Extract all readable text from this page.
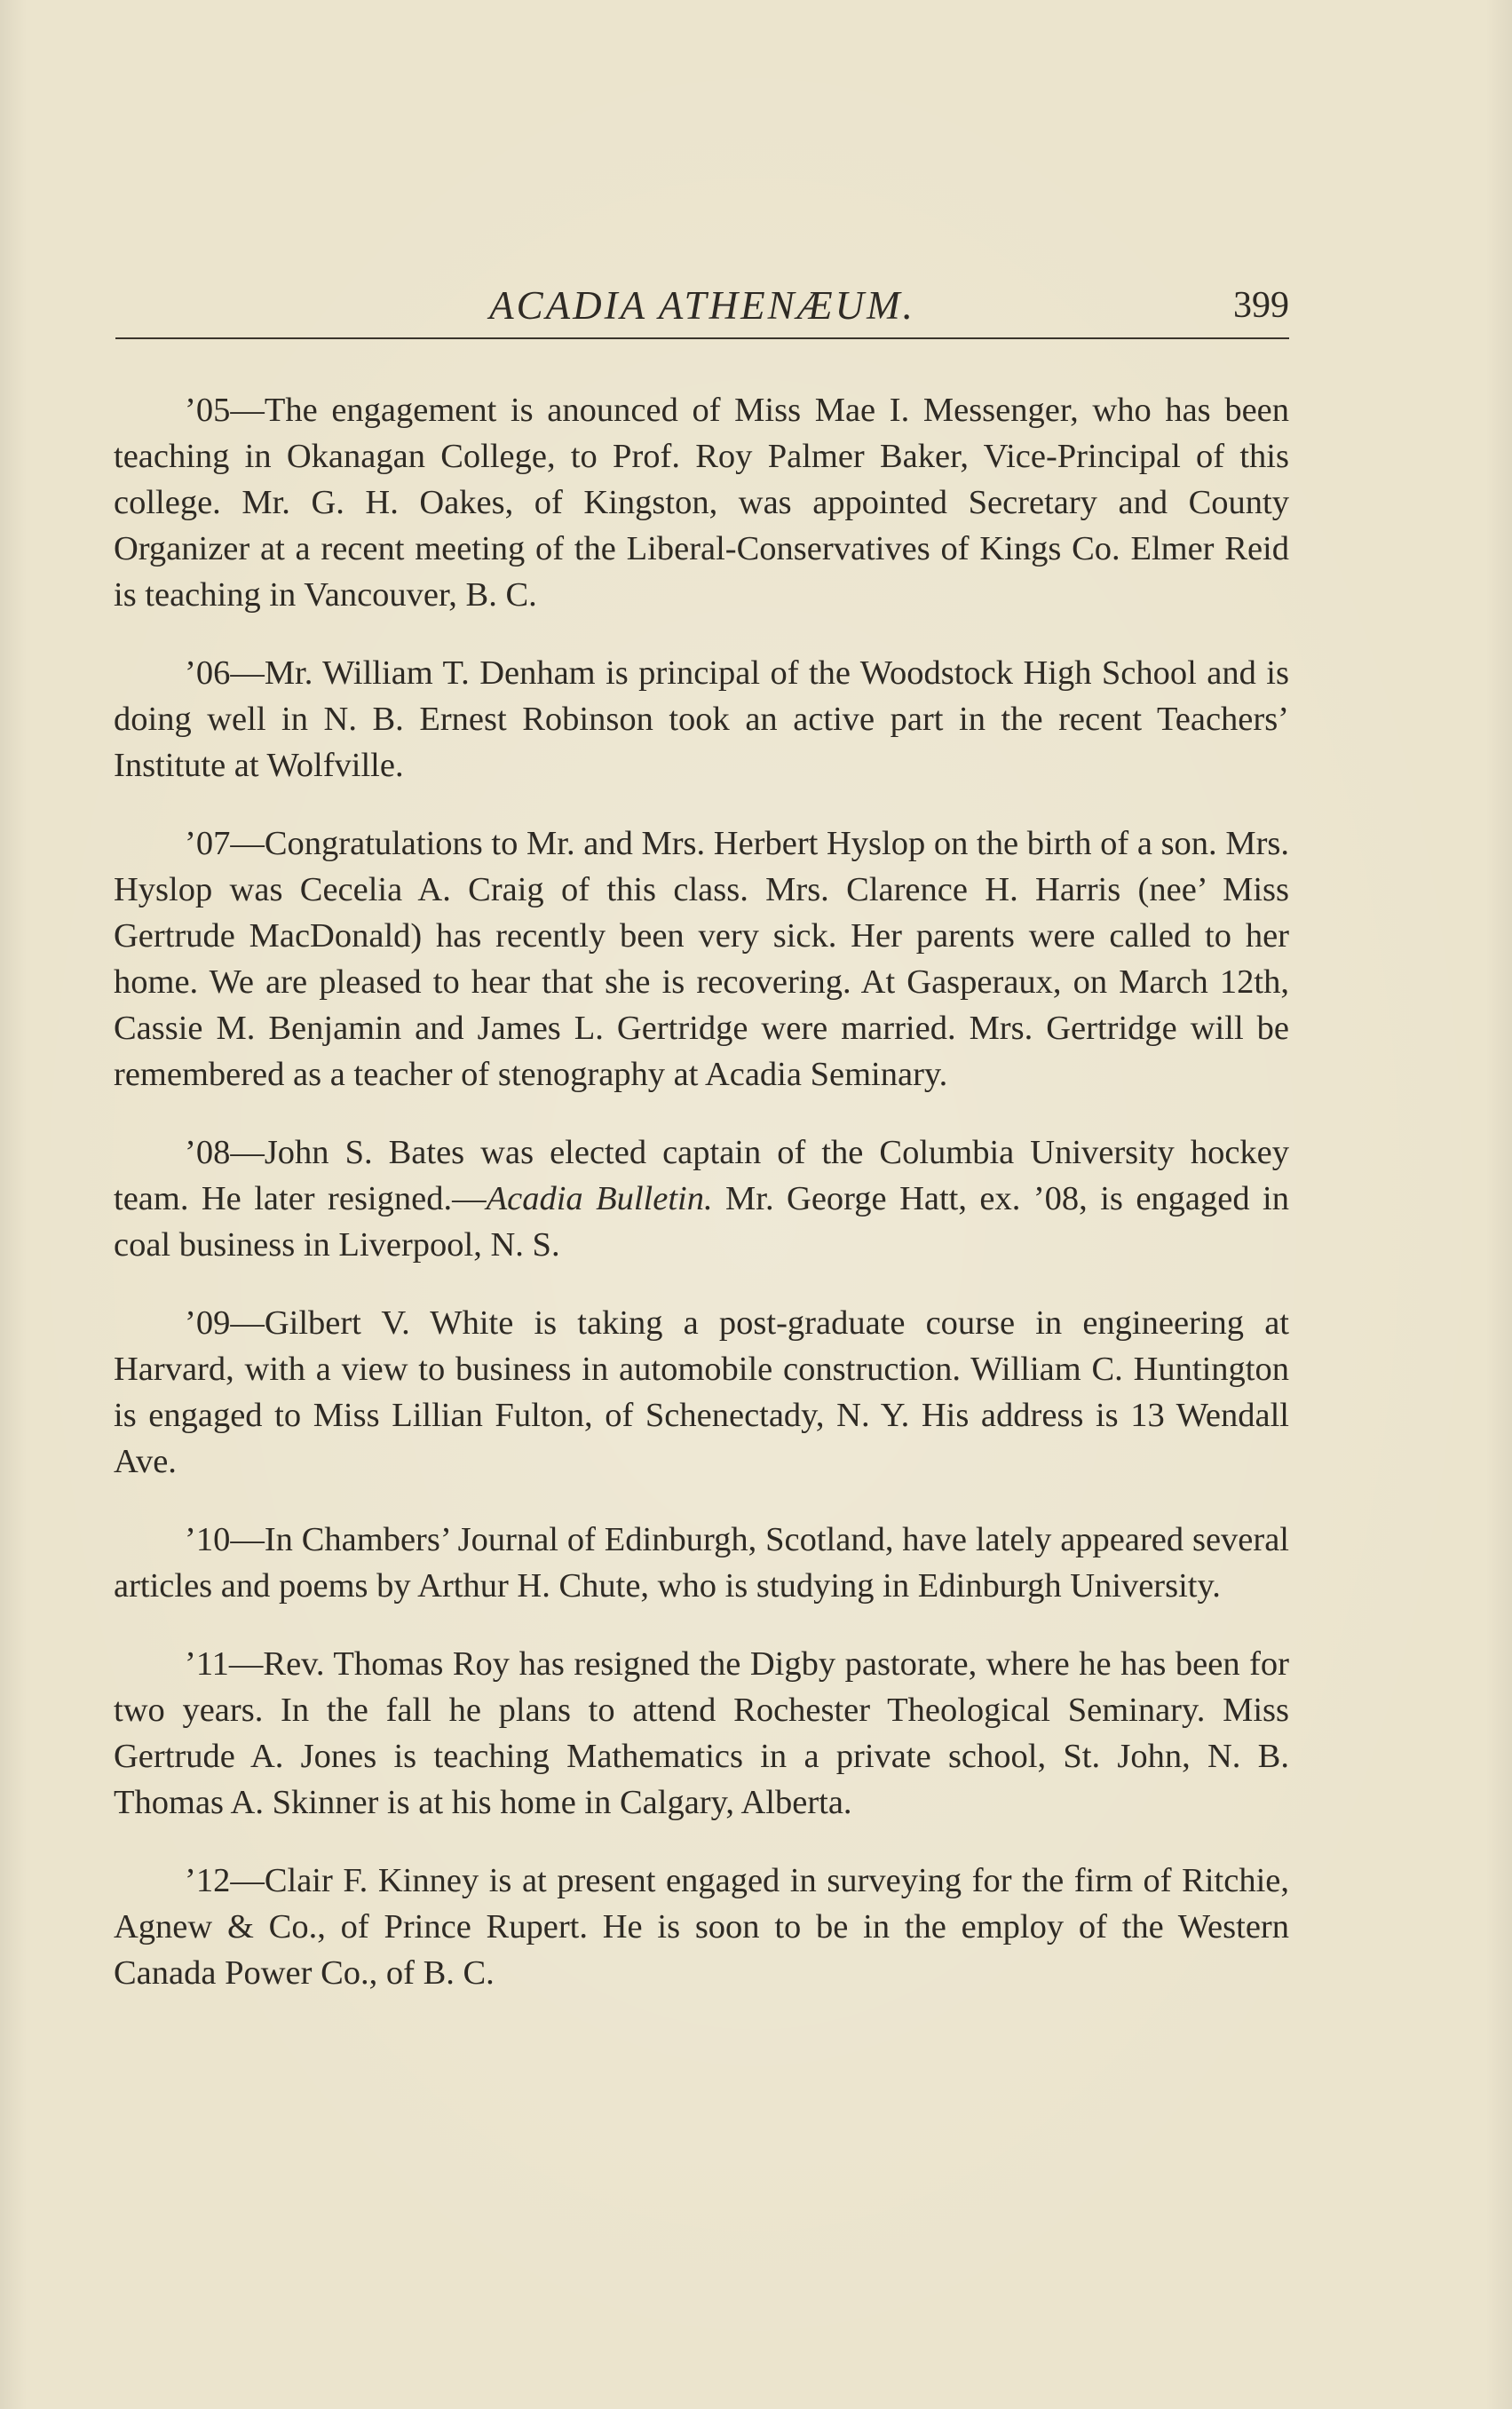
ACADIA ATHENÆUM.	399

’05—The engagement is anounced of Miss Mae I. Messenger, who has been teaching in Okanagan College, to Prof. Roy Palmer Baker, Vice-Principal of this college. Mr. G. H. Oakes, of Kingston, was appointed Secretary and County Organizer at a recent meeting of the Liberal-Conservatives of Kings Co. Elmer Reid is teaching in Vancouver, B. C.

’06—Mr. William T. Denham is principal of the Woodstock High School and is doing well in N. B. Ernest Robinson took an active part in the recent Teachers’ Institute at Wolfville.

’07—Congratulations to Mr. and Mrs. Herbert Hyslop on the birth of a son. Mrs. Hyslop was Cecelia A. Craig of this class. Mrs. Clarence H. Harris (nee’ Miss Gertrude MacDonald) has recently been very sick. Her parents were called to her home. We are pleased to hear that she is recovering. At Gasperaux, on March 12th, Cassie M. Benjamin and James L. Gertridge were married. Mrs. Gertridge will be remembered as a teacher of stenography at Acadia Seminary.

’08—John S. Bates was elected captain of the Columbia University hockey team. He later resigned.—Acadia Bulletin. Mr. George Hatt, ex. ’08, is engaged in coal business in Liverpool, N. S.

’09—Gilbert V. White is taking a post-graduate course in engineering at Harvard, with a view to business in automobile construction. William C. Huntington is engaged to Miss Lillian Fulton, of Schenectady, N. Y. His address is 13 Wendall Ave.

’10—In Chambers’ Journal of Edinburgh, Scotland, have lately appeared several articles and poems by Arthur H. Chute, who is studying in Edinburgh University.

’11—Rev. Thomas Roy has resigned the Digby pastorate, where he has been for two years. In the fall he plans to attend Rochester Theological Seminary. Miss Gertrude A. Jones is teaching Mathematics in a private school, St. John, N. B. Thomas A. Skinner is at his home in Calgary, Alberta.

’12—Clair F. Kinney is at present engaged in surveying for the firm of Ritchie, Agnew & Co., of Prince Rupert. He is soon to be in the employ of the Western Canada Power Co., of B. C.
